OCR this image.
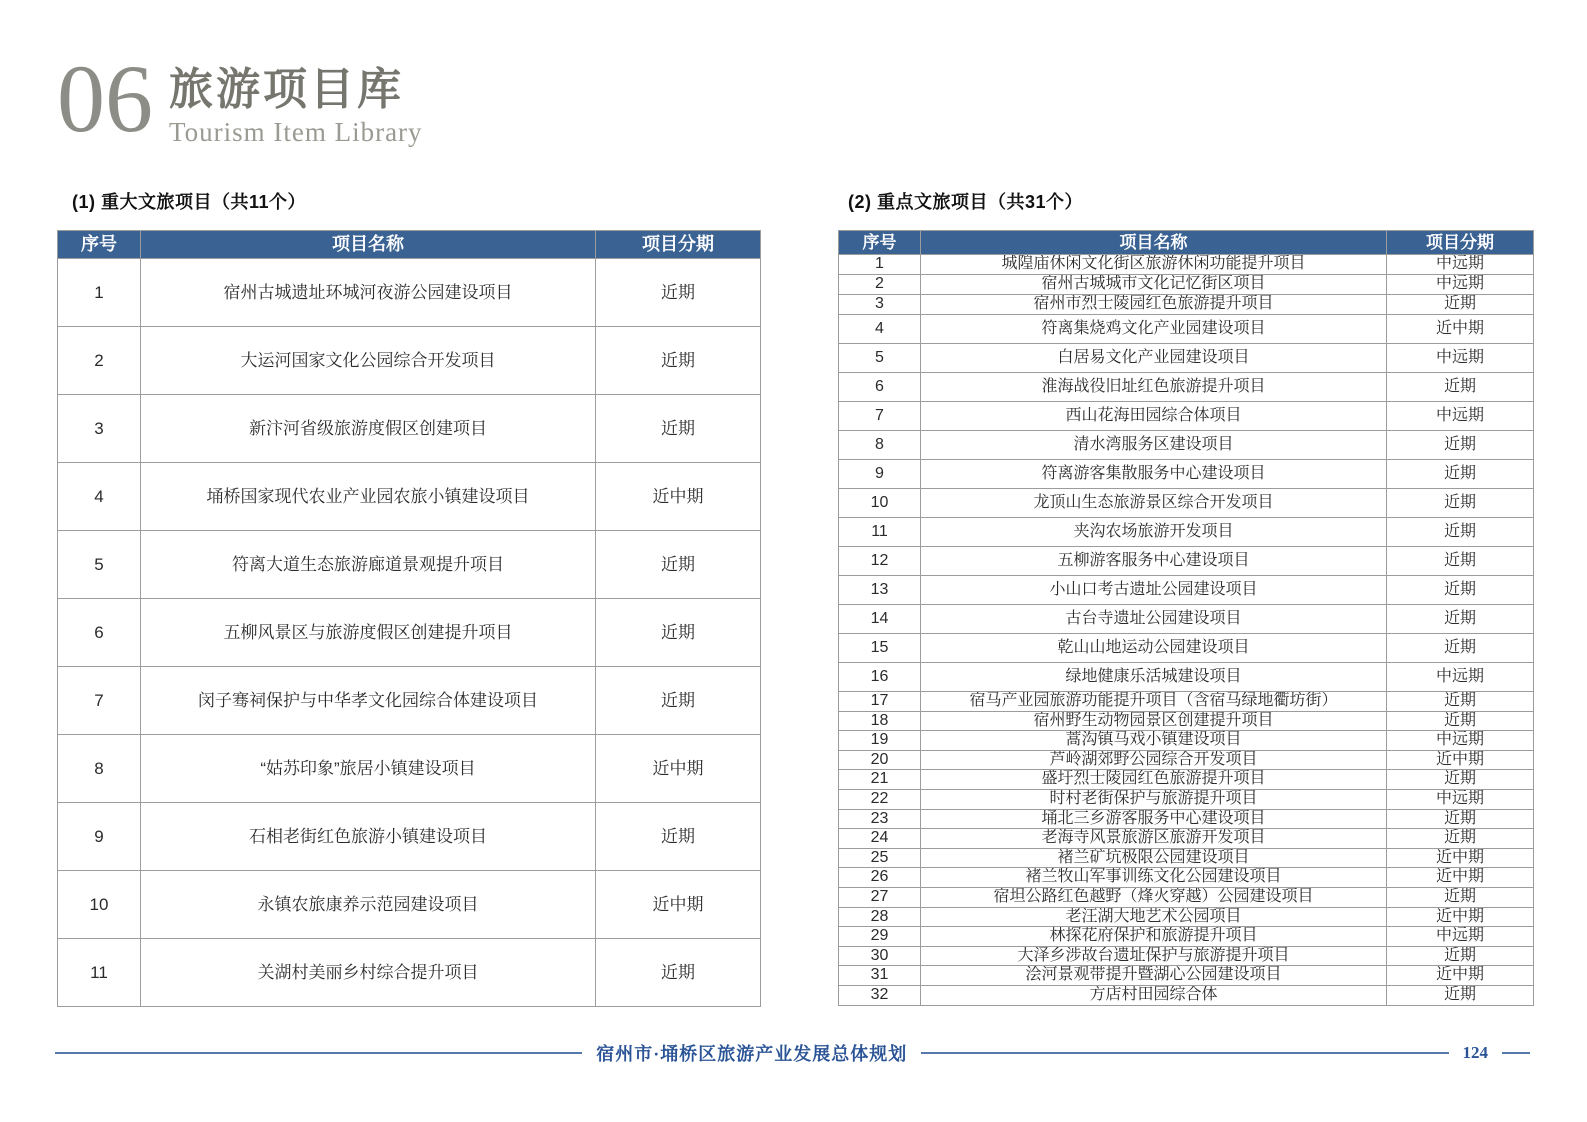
06 旅游项目库
Tourism Item Library
(1) 重大文旅项目（共11个）	(2) 重点文旅项目（共31个）
序号	项目名称	项目分期
1	宿州古城遗址环城河夜游公园建设项目	近期
2	大运河国家文化公园综合开发项目	近期
3	新汴河省级旅游度假区创建项目	近期
4	埇桥国家现代农业产业园农旅小镇建设项目	近中期
5	符离大道生态旅游廊道景观提升项目	近期
6	五柳风景区与旅游度假区创建提升项目	近期
7	闵子骞祠保护与中华孝文化园综合体建设项目	近期
8	“姑苏印象”旅居小镇建设项目	近中期
9	石相老街红色旅游小镇建设项目	近期
10	永镇农旅康养示范园建设项目	近中期
11	关湖村美丽乡村综合提升项目	近期
序号	项目名称	项目分期
1	城隍庙休闲文化街区旅游休闲功能提升项目	中远期
2	宿州古城城市文化记忆街区项目	中远期
3	宿州市烈士陵园红色旅游提升项目	近期
4	符离集烧鸡文化产业园建设项目	近中期
5	白居易文化产业园建设项目	中远期
6	淮海战役旧址红色旅游提升项目	近期
7	西山花海田园综合体项目	中远期
8	清水湾服务区建设项目	近期
9	符离游客集散服务中心建设项目	近期
10	龙顶山生态旅游景区综合开发项目	近期
11	夹沟农场旅游开发项目	近期
12	五柳游客服务中心建设项目	近期
13	小山口考古遗址公园建设项目	近期
14	古台寺遗址公园建设项目	近期
15	乾山山地运动公园建设项目	近期
16	绿地健康乐活城建设项目	中远期
17	宿马产业园旅游功能提升项目（含宿马绿地衢坊街）	近期
18	宿州野生动物园景区创建提升项目	近期
19	蒿沟镇马戏小镇建设项目	中远期
20	芦岭湖郊野公园综合开发项目	近中期
21	盛圩烈士陵园红色旅游提升项目	近期
22	时村老街保护与旅游提升项目	中远期
23	埇北三乡游客服务中心建设项目	近期
24	老海寺风景旅游区旅游开发项目	近期
25	褚兰矿坑极限公园建设项目	近中期
26	褚兰牧山军事训练文化公园建设项目	近中期
27	宿坦公路红色越野（烽火穿越）公园建设项目	近期
28	老汪湖大地艺术公园项目	近中期
29	林探花府保护和旅游提升项目	中远期
30	大泽乡涉故台遗址保护与旅游提升项目	近期
31	浍河景观带提升暨湖心公园建设项目	近中期
32	方店村田园综合体	近期
宿州市·埇桥区旅游产业发展总体规划	124
